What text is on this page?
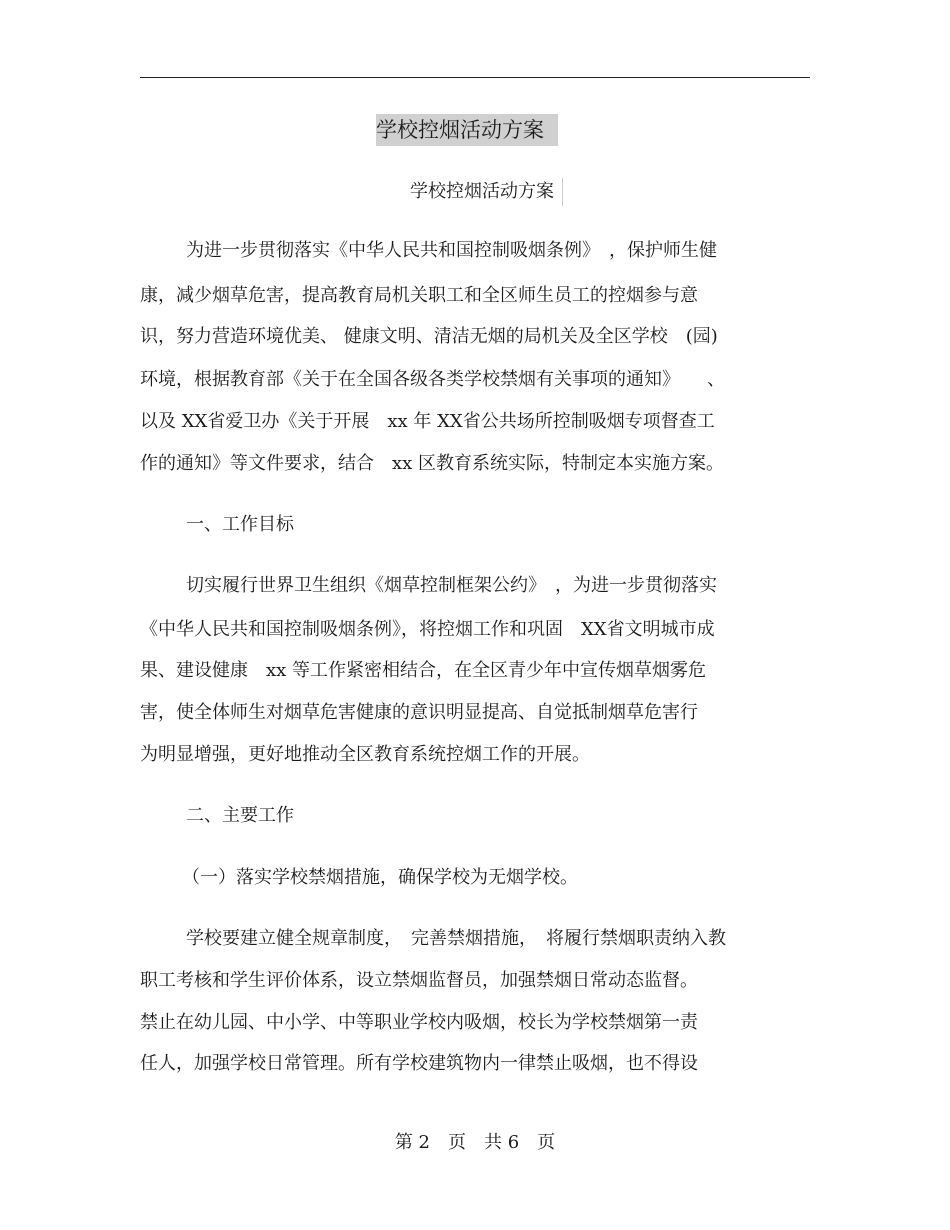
学校控烟活动方案
学校控烟活动方案
为进一步贯彻落实《中华人民共和国控制吸烟条例》　，保护师生健
康，减少烟草危害，提高教育局机关职工和全区师生员工的控烟参与意
识，努力营造环境优美、 健康文明、清洁无烟的局机关及全区学校　(园)
环境，根据教育部《关于在全国各级各类学校禁烟有关事项的通知》　　、
以及 XX省爱卫办《关于开展　xx 年 XX省公共场所控制吸烟专项督查工
作的通知》等文件要求，结合　xx 区教育系统实际，特制定本实施方案。
一、工作目标
切实履行世界卫生组织《烟草控制框架公约》　，为进一步贯彻落实
《中华人民共和国控制吸烟条例》，将控烟工作和巩固　XX省文明城市成
果、建设健康　xx 等工作紧密相结合，在全区青少年中宣传烟草烟雾危
害，使全体师生对烟草危害健康的意识明显提高、自觉抵制烟草危害行
为明显增强，更好地推动全区教育系统控烟工作的开展。
二、主要工作
（一）落实学校禁烟措施，确保学校为无烟学校。
学校要建立健全规章制度，　完善禁烟措施，　将履行禁烟职责纳入教
职工考核和学生评价体系，设立禁烟监督员，加强禁烟日常动态监督。
禁止在幼儿园、中小学、中等职业学校内吸烟，校长为学校禁烟第一责
任人，加强学校日常管理。所有学校建筑物内一律禁止吸烟，也不得设
第 2　页　共 6　页
